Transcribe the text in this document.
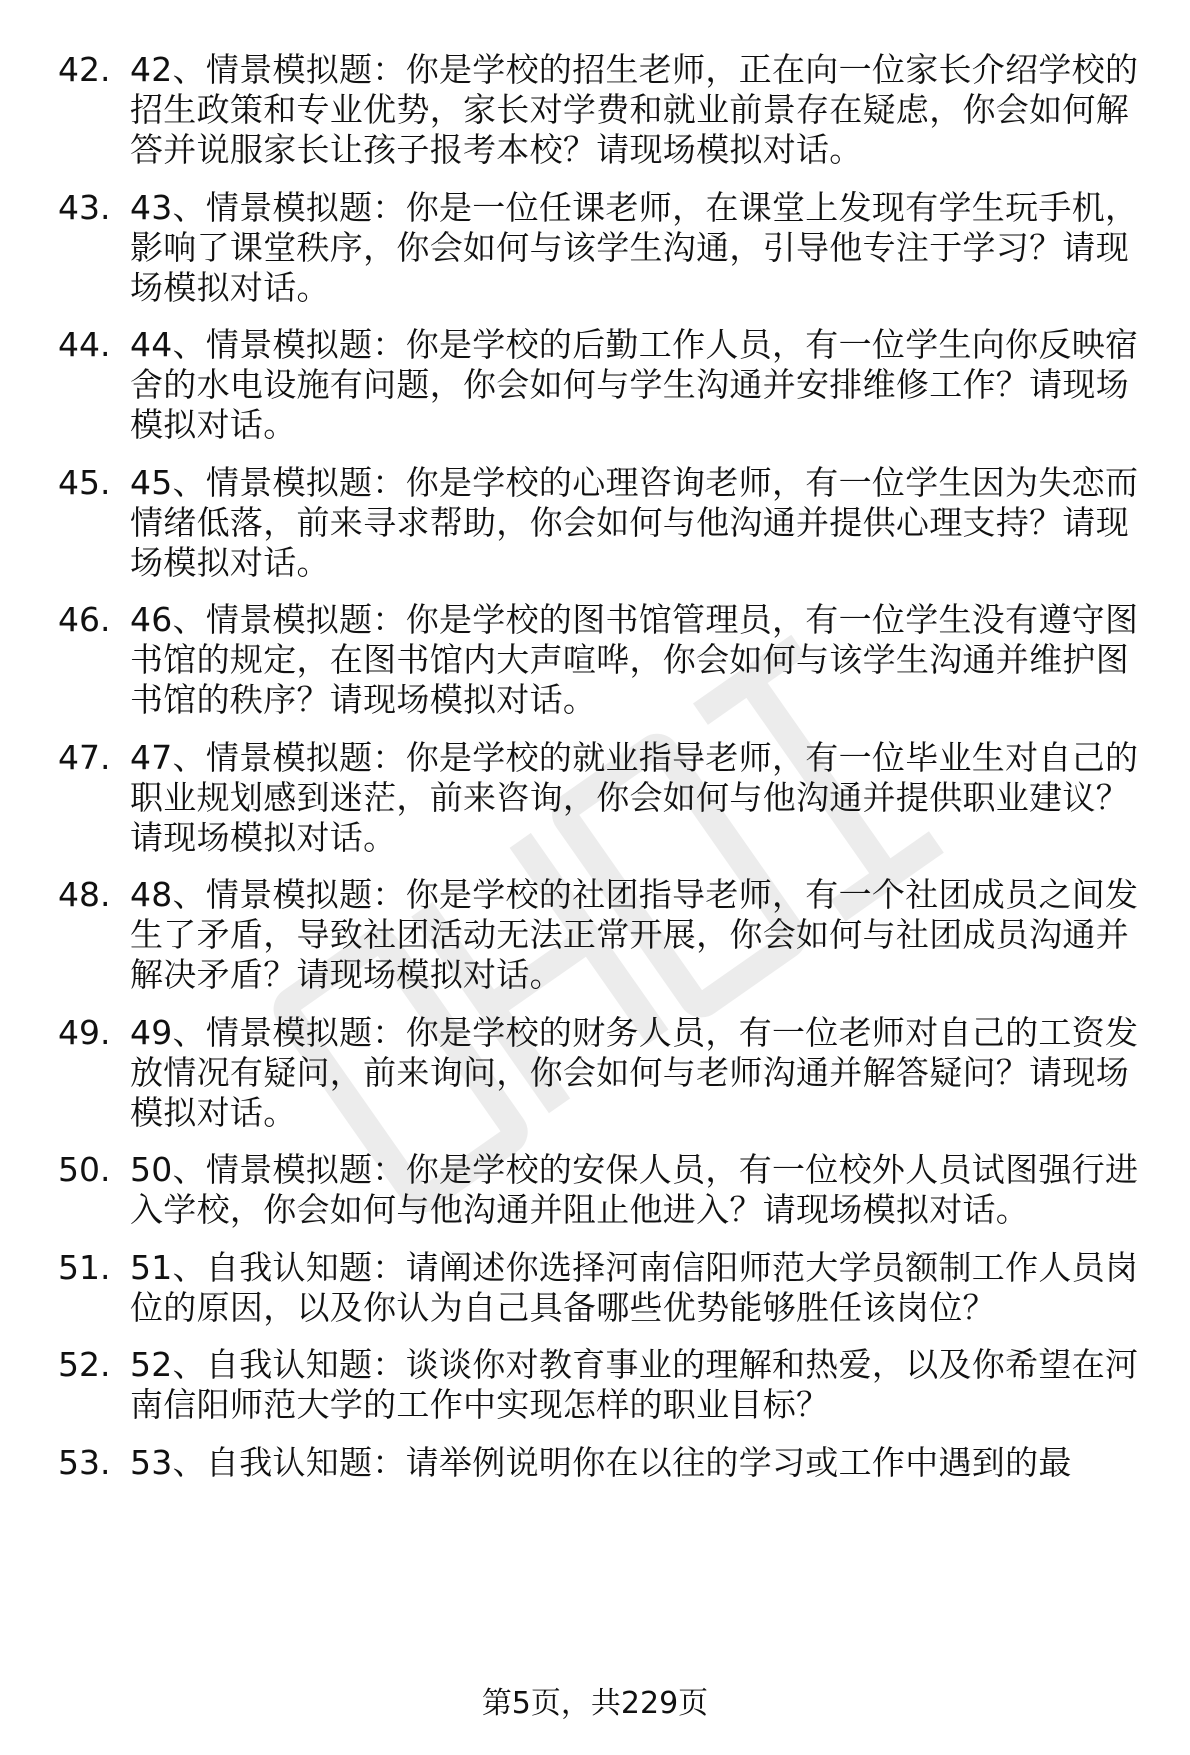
42. 42、情景模拟题：你是学校的招生老师，正在向一位家长介绍学校的招生政策和专业优势，家长对学费和就业前景存在疑虑，你会如何解答并说服家长让孩子报考本校？请现场模拟对话。
43. 43、情景模拟题：你是一位任课老师，在课堂上发现有学生玩手机，影响了课堂秩序，你会如何与该学生沟通，引导他专注于学习？请现场模拟对话。
44. 44、情景模拟题：你是学校的后勤工作人员，有一位学生向你反映宿舍的水电设施有问题，你会如何与学生沟通并安排维修工作？请现场模拟对话。
45. 45、情景模拟题：你是学校的心理咨询老师，有一位学生因为失恋而情绪低落，前来寻求帮助，你会如何与他沟通并提供心理支持？请现场模拟对话。
46. 46、情景模拟题：你是学校的图书馆管理员，有一位学生没有遵守图书馆的规定，在图书馆内大声喧哗，你会如何与该学生沟通并维护图书馆的秩序？请现场模拟对话。
47. 47、情景模拟题：你是学校的就业指导老师，有一位毕业生对自己的职业规划感到迷茫，前来咨询，你会如何与他沟通并提供职业建议？请现场模拟对话。
48. 48、情景模拟题：你是学校的社团指导老师，有一个社团成员之间发生了矛盾，导致社团活动无法正常开展，你会如何与社团成员沟通并解决矛盾？请现场模拟对话。
49. 49、情景模拟题：你是学校的财务人员，有一位老师对自己的工资发放情况有疑问，前来询问，你会如何与老师沟通并解答疑问？请现场模拟对话。
50. 50、情景模拟题：你是学校的安保人员，有一位校外人员试图强行进入学校，你会如何与他沟通并阻止他进入？请现场模拟对话。
51. 51、自我认知题：请阐述你选择河南信阳师范大学员额制工作人员岗位的原因，以及你认为自己具备哪些优势能够胜任该岗位？
52. 52、自我认知题：谈谈你对教育事业的理解和热爱，以及你希望在河南信阳师范大学的工作中实现怎样的职业目标？
53. 53、自我认知题：请举例说明你在以往的学习或工作中遇到的最
第5页，共229页
